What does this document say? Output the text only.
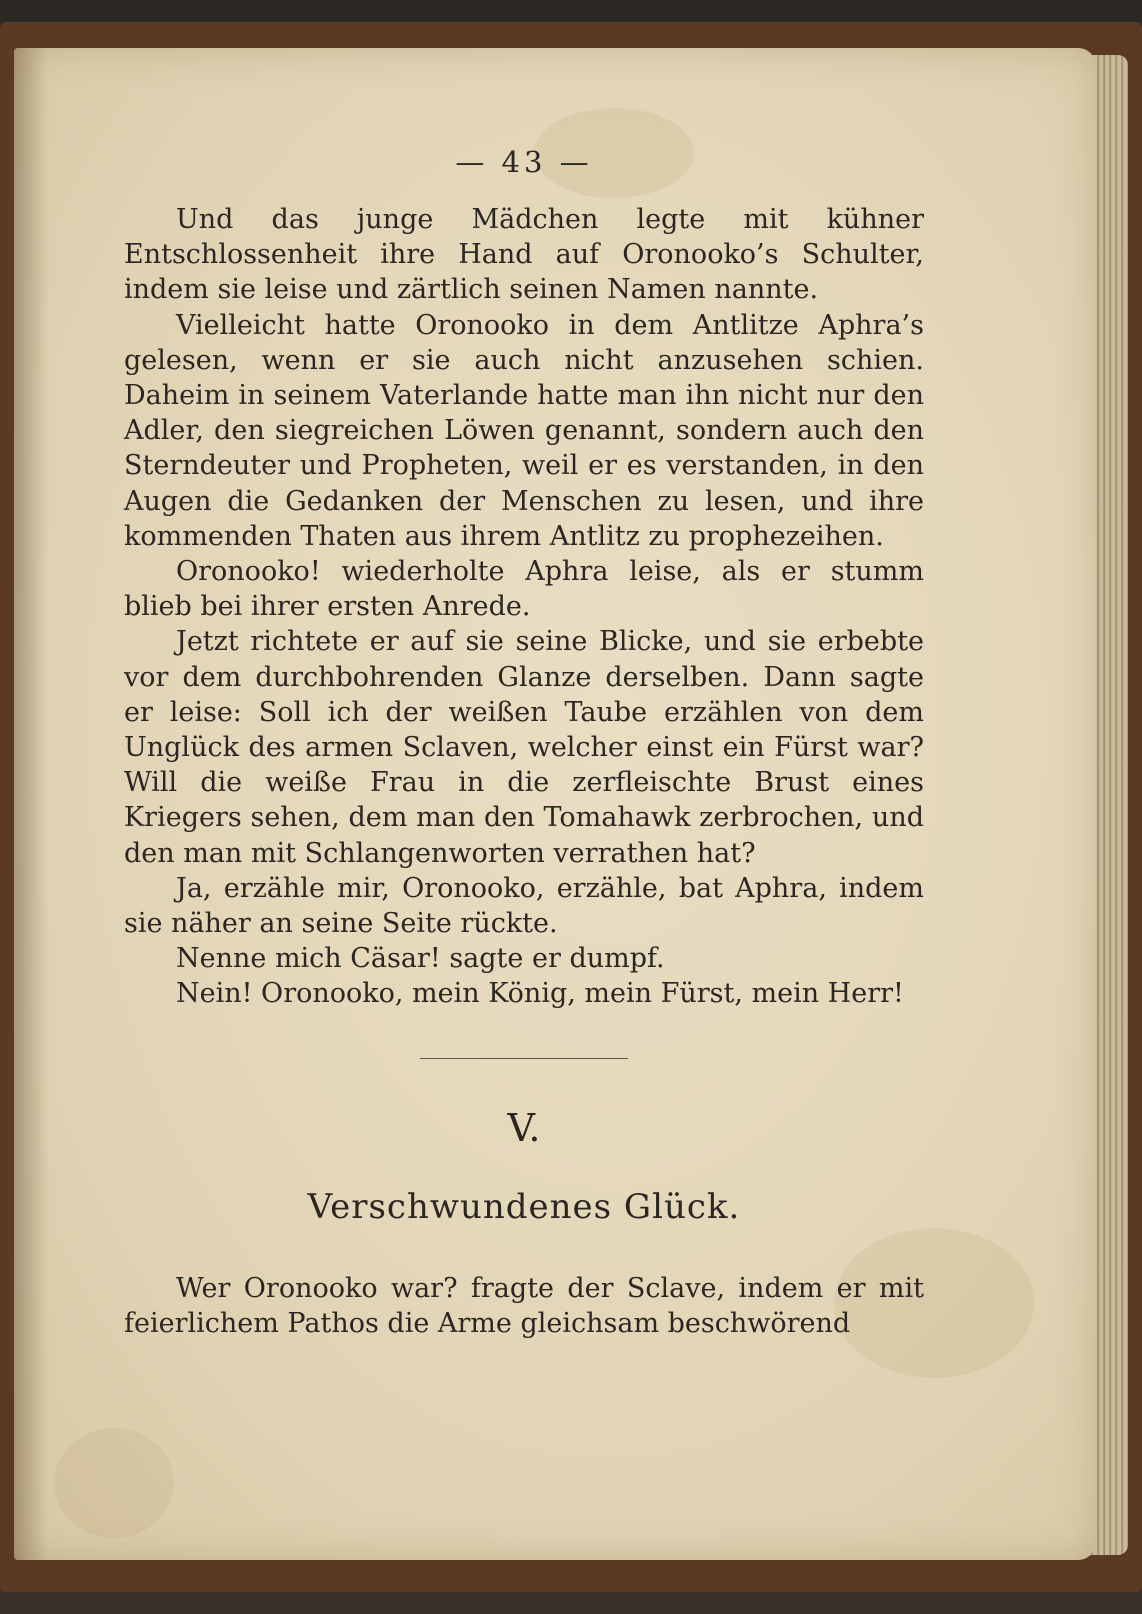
— 43 —

Und das junge Mädchen legte mit kühner Entschlossenheit ihre Hand auf Oronooko’s Schulter, indem sie leise und zärtlich seinen Namen nannte.

Vielleicht hatte Oronooko in dem Antlitze Aphra’s gelesen, wenn er sie auch nicht anzusehen schien. Daheim in seinem Vaterlande hatte man ihn nicht nur den Adler, den siegreichen Löwen genannt, sondern auch den Sterndeuter und Propheten, weil er es verstanden, in den Augen die Gedanken der Menschen zu lesen, und ihre kommenden Thaten aus ihrem Antlitz zu prophezeihen.

Oronooko! wiederholte Aphra leise, als er stumm blieb bei ihrer ersten Anrede.

Jetzt richtete er auf sie seine Blicke, und sie erbebte vor dem durchbohrenden Glanze derselben. Dann sagte er leise: Soll ich der weißen Taube erzählen von dem Unglück des armen Sclaven, welcher einst ein Fürst war? Will die weiße Frau in die zerfleischte Brust eines Kriegers sehen, dem man den Tomahawk zerbrochen, und den man mit Schlangenworten verrathen hat?

Ja, erzähle mir, Oronooko, erzähle, bat Aphra, indem sie näher an seine Seite rückte.

Nenne mich Cäsar! sagte er dumpf.

Nein! Oronooko, mein König, mein Fürst, mein Herr!

V.
Verschwundenes Glück.

Wer Oronooko war? fragte der Sclave, indem er mit feierlichem Pathos die Arme gleichsam beschwörend
